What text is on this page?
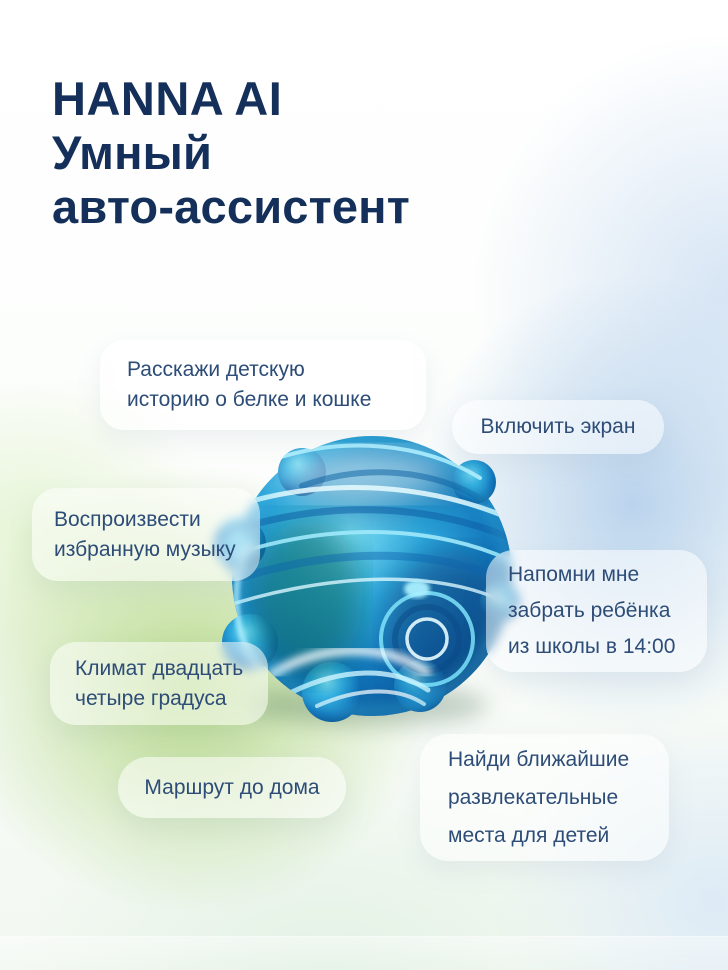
HANNA AI
Умный
авто-ассистент
Расскажи детскую
историю о белке и кошке
Включить экран
Воспроизвести
избранную музыку
Напомни мне
забрать ребёнка
из школы в 14:00
Климат двадцать
четыре градуса
Маршрут до дома
Найди ближайшие
развлекательные
места для детей
